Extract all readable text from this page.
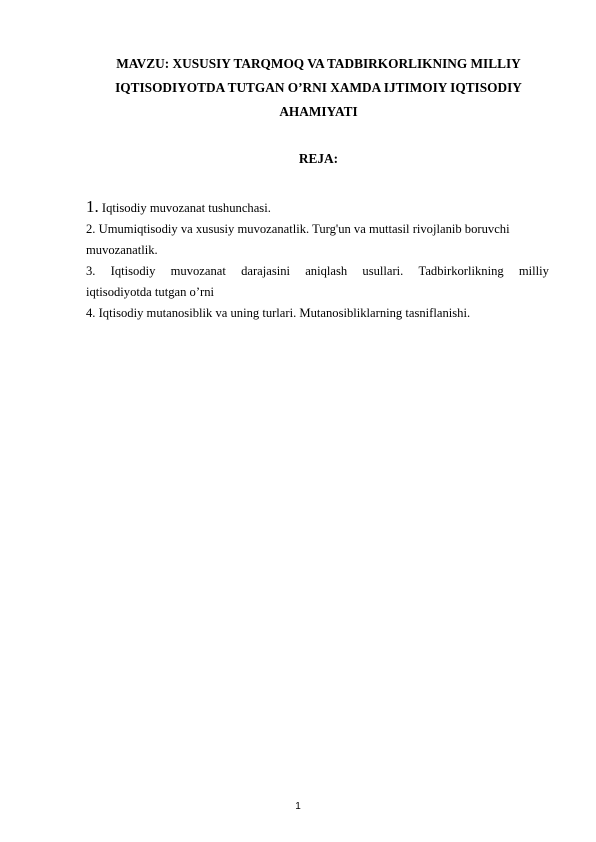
MAVZU: XUSUSIY TARQMOQ VA TADBIRKORLIKNING MILLIY
IQTISODIYOTDA TUTGAN O’RNI XAMDA IJTIMOIY IQTISODIY
AHAMIYATI
REJA:
1. Iqtisodiy muvozanat tushunchasi.
2. Umumiqtisodiy va xususiy muvozanatlik. Turg'un va muttasil rivojlanib boruvchi
muvozanatlik.
3. Iqtisodiy muvozanat darajasini aniqlash usullari. Tadbirkorlikning milliy
iqtisodiyotda tutgan o’rni
4. Iqtisodiy mutanosiblik va uning turlari. Mutanosibliklarning tasniflanishi.
1
